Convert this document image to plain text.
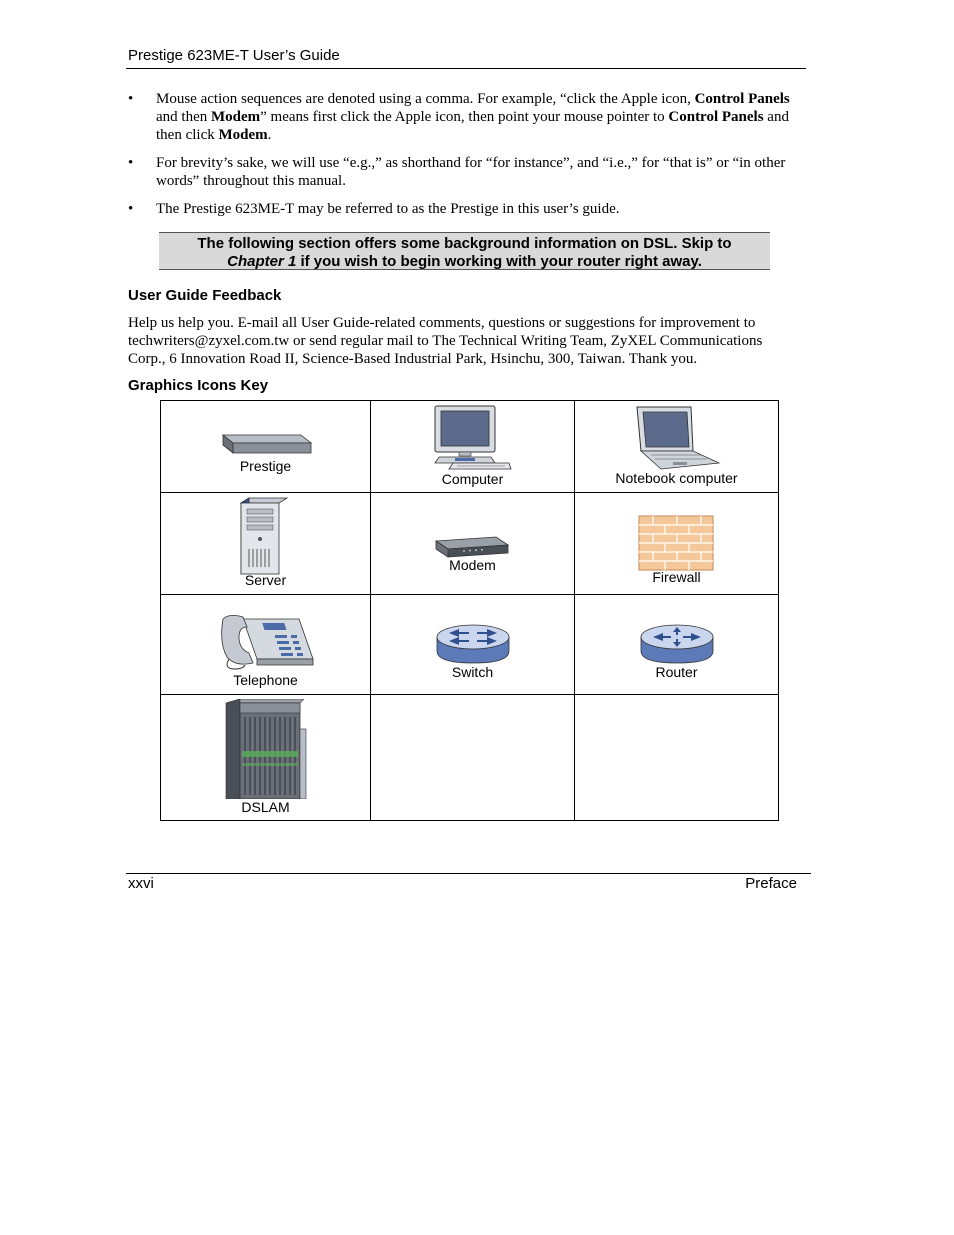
Prestige 623ME-T User’s Guide
• Mouse action sequences are denoted using a comma. For example, “click the Apple icon, Control Panels and then Modem” means first click the Apple icon, then point your mouse pointer to Control Panels and then click Modem.
• For brevity’s sake, we will use “e.g.,” as shorthand for “for instance”, and “i.e.,” for “that is” or “in other words” throughout this manual.
• The Prestige 623ME-T may be referred to as the Prestige in this user’s guide.
The following section offers some background information on DSL. Skip to
Chapter 1 if you wish to begin working with your router right away.
User Guide Feedback
Help us help you. E-mail all User Guide-related comments, questions or suggestions for improvement to techwriters@zyxel.com.tw or send regular mail to The Technical Writing Team, ZyXEL Communications Corp., 6 Innovation Road II, Science-Based Industrial Park, Hsinchu, 300, Taiwan. Thank you.
Graphics Icons Key
Prestige	Computer	Notebook computer

Server	Modem	Firewall

Telephone	Switch	Router

DSLAM		

xxvi	Preface
